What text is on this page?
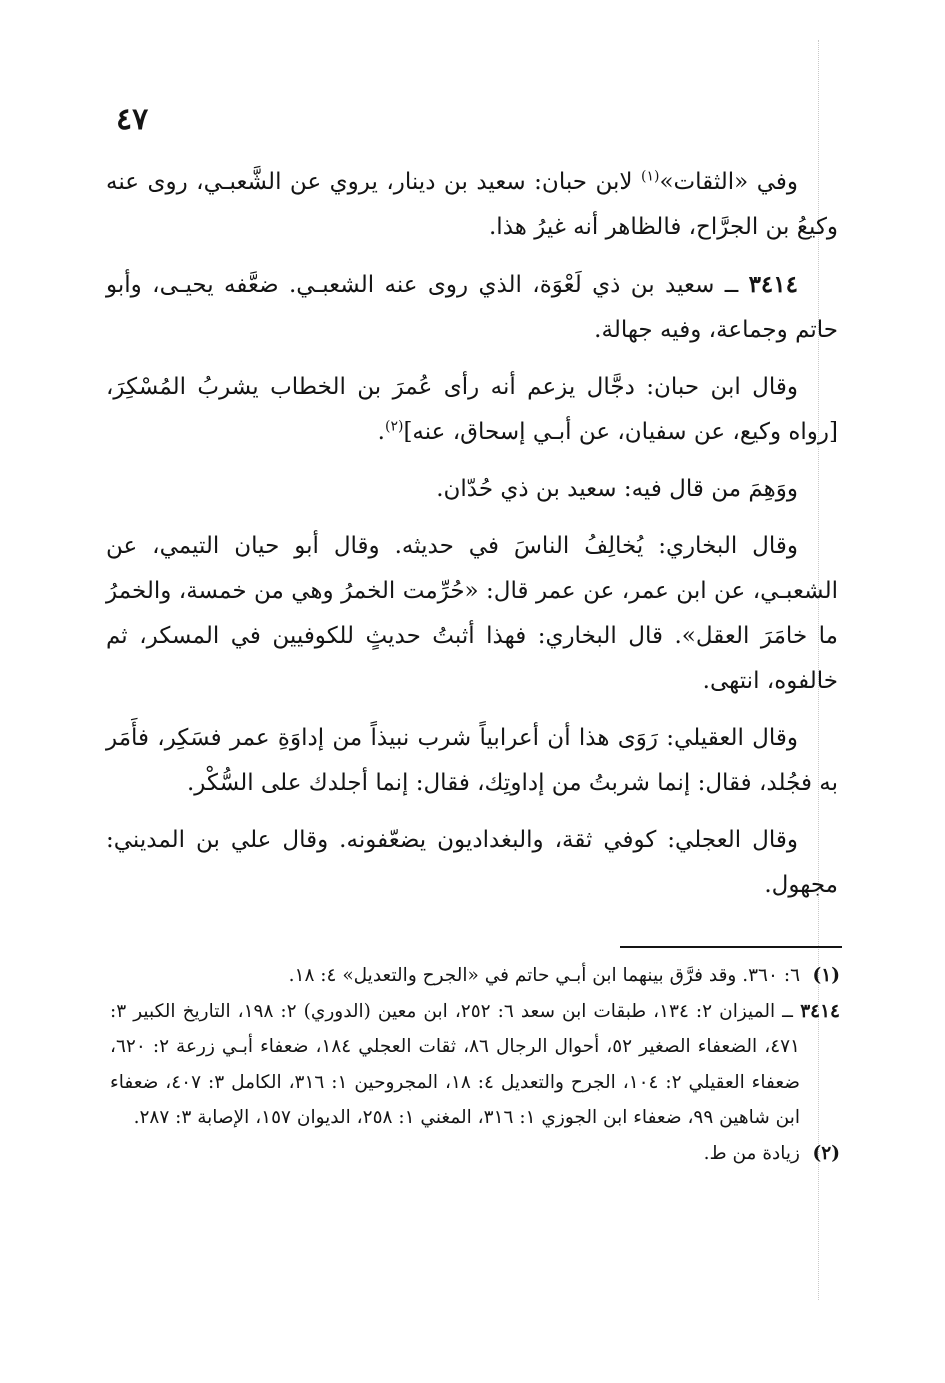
٤٧

وفي «الثقات»$^{(١)}$ لابن حبان: سعيد بن دينار، يروي عن الشَّعبـي، روى عنه وكيعُ بن الجرَّاح، فالظاهر أنه غيرُ هذا.

٣٤١٤ ــ سعيد بن ذي لَعْوَة، الذي روى عنه الشعبـي. ضعَّفه يحيـى، وأبو حاتم وجماعة، وفيه جهالة.

وقال ابن حبان: دجَّال يزعم أنه رأى عُمرَ بن الخطاب يشربُ المُسْكِرَ، [رواه وكيع، عن سفيان، عن أبـي إسحاق، عنه]$^{(٢)}$.

ووَهِمَ من قال فيه: سعيد بن ذي حُدّان.

وقال البخاري: يُخالِفُ الناسَ في حديثه. وقال أبو حيان التيمي، عن الشعبـي، عن ابن عمر، عن عمر قال: «حُرِّمت الخمرُ وهي من خمسة، والخمرُ ما خامَرَ العقل». قال البخاري: فهذا أثبتُ حديثٍ للكوفيين في المسكر، ثم خالفوه، انتهى.

وقال العقيلي: رَوَى هذا أن أعرابياً شرب نبيذاً من إداوَةِ عمر فسَكِر، فأَمَر به فجُلد، فقال: إنما شربتُ من إداوتِك، فقال: إنما أجلدك على السُّكْر.

وقال العجلي: كوفي ثقة، والبغداديون يضعّفونه. وقال علي بن المديني: مجهول.

(١)٦: ٣٦٠. وقد فرَّق بينهما ابن أبـي حاتم في «الجرح والتعديل» ٤: ١٨.

٣٤١٤ ــ الميزان ٢: ١٣٤، طبقات ابن سعد ٦: ٢٥٢، ابن معين (الدوري) ٢: ١٩٨، التاريخ الكبير ٣: ٤٧١، الضعفاء الصغير ٥٢، أحوال الرجال ٨٦، ثقات العجلي ١٨٤، ضعفاء أبـي زرعة ٢: ٦٢٠، ضعفاء العقيلي ٢: ١٠٤، الجرح والتعديل ٤: ١٨، المجروحين ١: ٣١٦، الكامل ٣: ٤٠٧، ضعفاء ابن شاهين ٩٩، ضعفاء ابن الجوزي ١: ٣١٦، المغني ١: ٢٥٨، الديوان ١٥٧، الإصابة ٣: ٢٨٧.

(٢)زيادة من ط.
